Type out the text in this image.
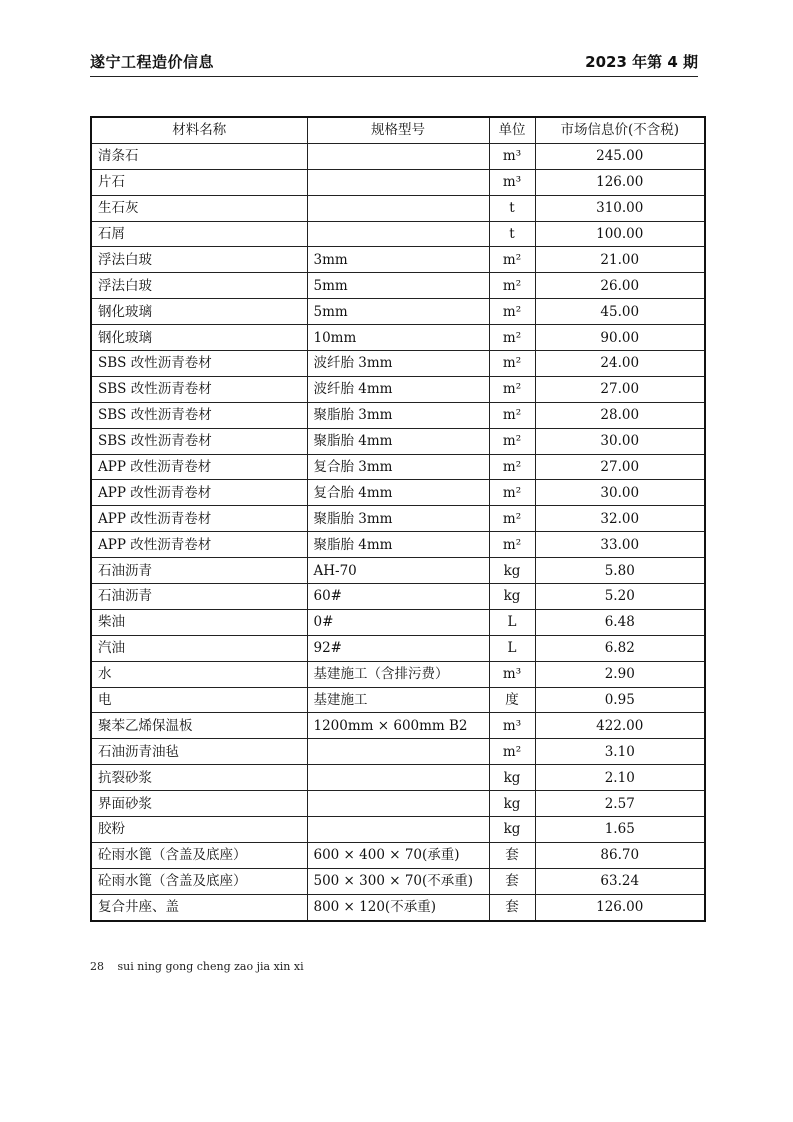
遂宁工程造价信息	2023 年第 4 期
材料名称	规格型号	单位	市场信息价(不含税)
清条石		m³	245.00
片石		m³	126.00
生石灰		t	310.00
石屑		t	100.00
浮法白玻	3mm	m²	21.00
浮法白玻	5mm	m²	26.00
钢化玻璃	5mm	m²	45.00
钢化玻璃	10mm	m²	90.00
SBS 改性沥青卷材	波纤胎 3mm	m²	24.00
SBS 改性沥青卷材	波纤胎 4mm	m²	27.00
SBS 改性沥青卷材	聚脂胎 3mm	m²	28.00
SBS 改性沥青卷材	聚脂胎 4mm	m²	30.00
APP 改性沥青卷材	复合胎 3mm	m²	27.00
APP 改性沥青卷材	复合胎 4mm	m²	30.00
APP 改性沥青卷材	聚脂胎 3mm	m²	32.00
APP 改性沥青卷材	聚脂胎 4mm	m²	33.00
石油沥青	AH-70	kg	5.80
石油沥青	60#	kg	5.20
柴油	0#	L	6.48
汽油	92#	L	6.82
水	基建施工（含排污费）	m³	2.90
电	基建施工	度	0.95
聚苯乙烯保温板	1200mm × 600mm B2	m³	422.00
石油沥青油毡		m²	3.10
抗裂砂浆		kg	2.10
界面砂浆		kg	2.57
胶粉		kg	1.65
砼雨水篦（含盖及底座）	600 × 400 × 70(承重)	套	86.70
砼雨水篦（含盖及底座）	500 × 300 × 70(不承重)	套	63.24
复合井座、盖	800 × 120(不承重)	套	126.00
28 sui ning gong cheng zao jia xin xi
